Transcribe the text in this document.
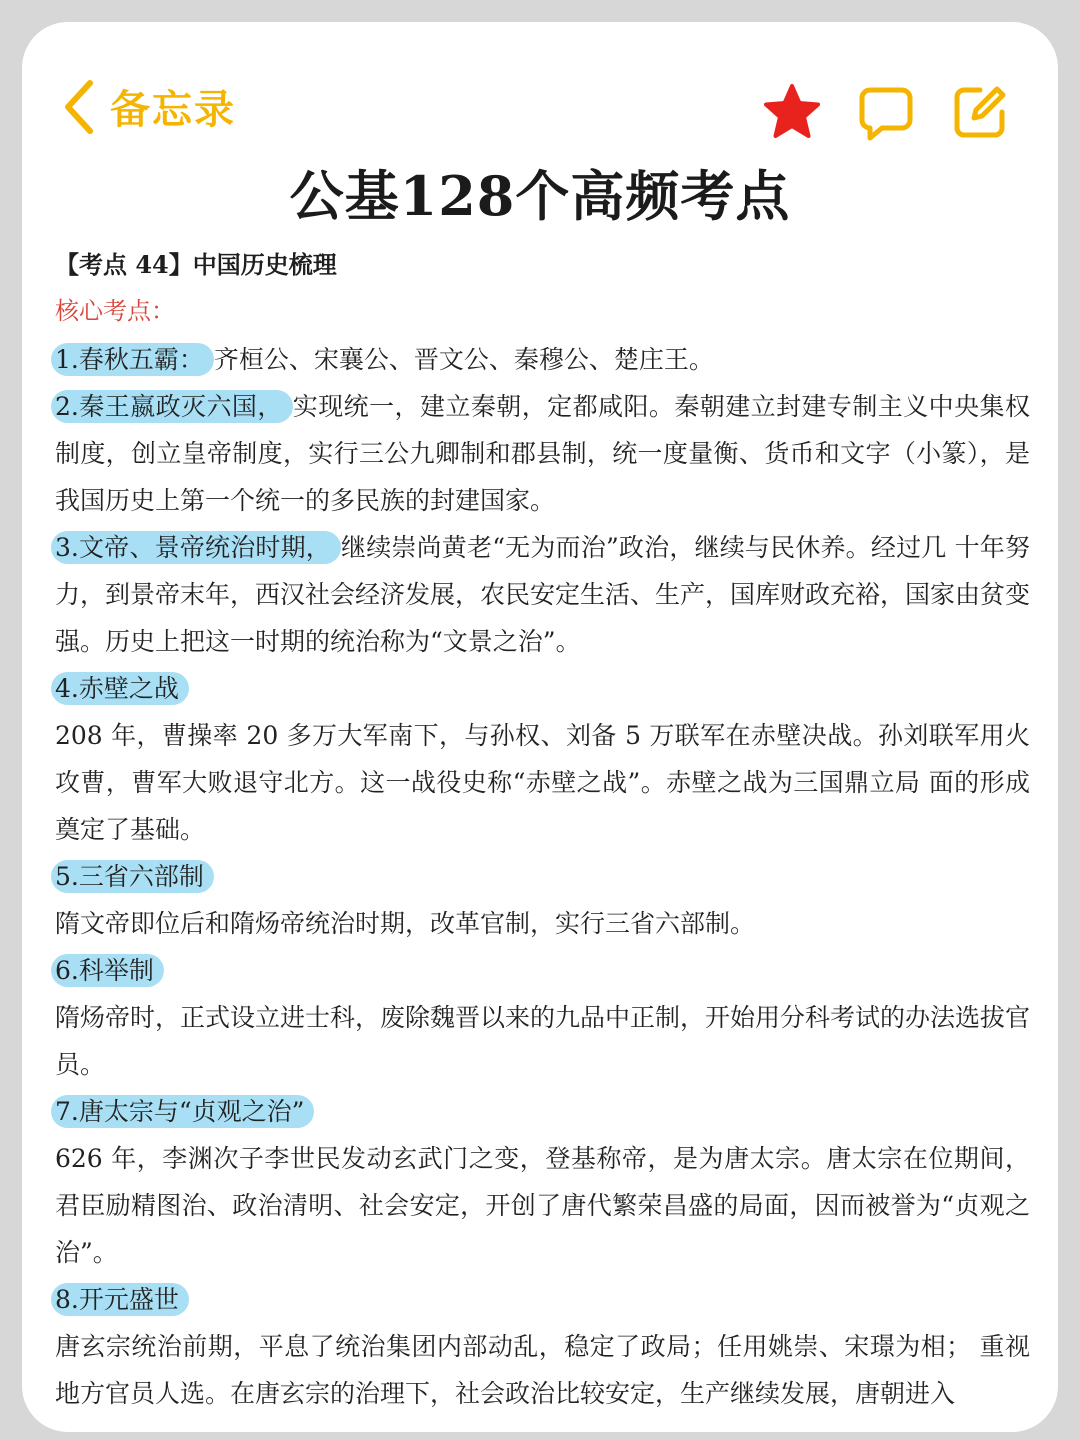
备忘录
公基128个高频考点
【考点 44】中国历史梳理
核心考点：
1.春秋五霸： 齐桓公、宋襄公、晋文公、秦穆公、楚庄王。
2.秦王嬴政灭六国， 实现统一，建立秦朝，定都咸阳。秦朝建立封建专制主义中央集权制度，创立皇帝制度，实行三公九卿制和郡县制，统一度量衡、货币和文字（小篆），是我国历史上第一个统一的多民族的封建国家。
3.文帝、景帝统治时期， 继续崇尚黄老“无为而治”政治，继续与民休养。经过几 十年努力，到景帝末年，西汉社会经济发展，农民安定生活、生产，国库财政充裕，国家由贫变强。历史上把这一时期的统治称为“文景之治”。
4.赤壁之战
208 年，曹操率 20 多万大军南下，与孙权、刘备 5 万联军在赤壁决战。孙刘联军用火攻曹，曹军大败退守北方。这一战役史称“赤壁之战”。赤壁之战为三国鼎立局 面的形成奠定了基础。
5.三省六部制
隋文帝即位后和隋炀帝统治时期，改革官制，实行三省六部制。
6.科举制
隋炀帝时，正式设立进士科，废除魏晋以来的九品中正制，开始用分科考试的办法选拔官员。
7.唐太宗与“贞观之治”
626 年，李渊次子李世民发动玄武门之变，登基称帝，是为唐太宗。唐太宗在位期间，君臣励精图治、政治清明、社会安定，开创了唐代繁荣昌盛的局面，因而被誉为“贞观之治”。
8.开元盛世
唐玄宗统治前期，平息了统治集团内部动乱，稳定了政局；任用姚崇、宋璟为相； 重视地方官员人选。在唐玄宗的治理下，社会政治比较安定，生产继续发展，唐朝进入
